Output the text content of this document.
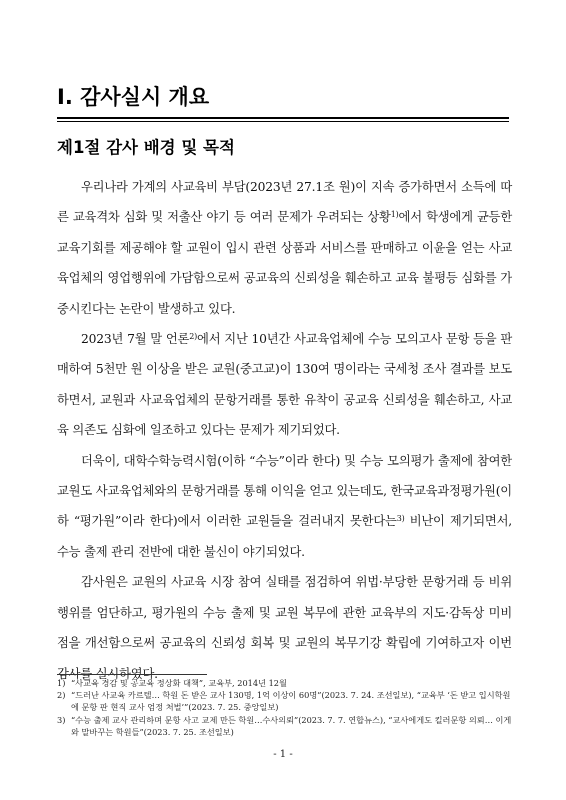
Ⅰ. 감사실시 개요
제1절 감사 배경 및 목적

우리나라 가계의 사교육비 부담(2023년 27.1조 원)이 지속 증가하면서 소득에 따른 교육격차 심화 및 저출산 야기 등 여러 문제가 우려되는 상황$^{1)}$에서 학생에게 균등한 교육기회를 제공해야 할 교원이 입시 관련 상품과 서비스를 판매하고 이윤을 얻는 사교육업체의 영업행위에 가담함으로써 공교육의 신뢰성을 훼손하고 교육 불평등 심화를 가중시킨다는 논란이 발생하고 있다.

2023년 7월 말 언론$^{2)}$에서 지난 10년간 사교육업체에 수능 모의고사 문항 등을 판매하여 5천만 원 이상을 받은 교원(중고교)이 130여 명이라는 국세청 조사 결과를 보도하면서, 교원과 사교육업체의 문항거래를 통한 유착이 공교육 신뢰성을 훼손하고, 사교육 의존도 심화에 일조하고 있다는 문제가 제기되었다.

더욱이, 대학수학능력시험(이하 “수능”이라 한다) 및 수능 모의평가 출제에 참여한 교원도 사교육업체와의 문항거래를 통해 이익을 얻고 있는데도, 한국교육과정평가원(이하 “평가원”이라 한다)에서 이러한 교원들을 걸러내지 못한다는$^{3)}$ 비난이 제기되면서, 수능 출제 관리 전반에 대한 불신이 야기되었다.

감사원은 교원의 사교육 시장 참여 실태를 점검하여 위법·부당한 문항거래 등 비위행위를 엄단하고, 평가원의 수능 출제 및 교원 복무에 관한 교육부의 지도·감독상 미비점을 개선함으로써 공교육의 신뢰성 회복 및 교원의 복무기강 확립에 기여하고자 이번 감사를 실시하였다.

1) “사교육 경감 및 공교육 정상화 대책”, 교육부, 2014년 12월
2) “드러난 사교육 카르텔… 학원 돈 받은 교사 130명, 1억 이상이 60명”(2023. 7. 24. 조선일보), “교육부 ‘돈 받고 입시학원에 문항 판 현직 교사 엄정 처벌’”(2023. 7. 25. 중앙일보)
3) “수능 출제 교사 관리하며 문항 사고 교제 만든 학원…수사의뢰”(2023. 7. 7. 연합뉴스), “교사에게도 킬러문항 의뢰… 이게 와 말바꾸는 학원들”(2023. 7. 25. 조선일보)
- 1 -
